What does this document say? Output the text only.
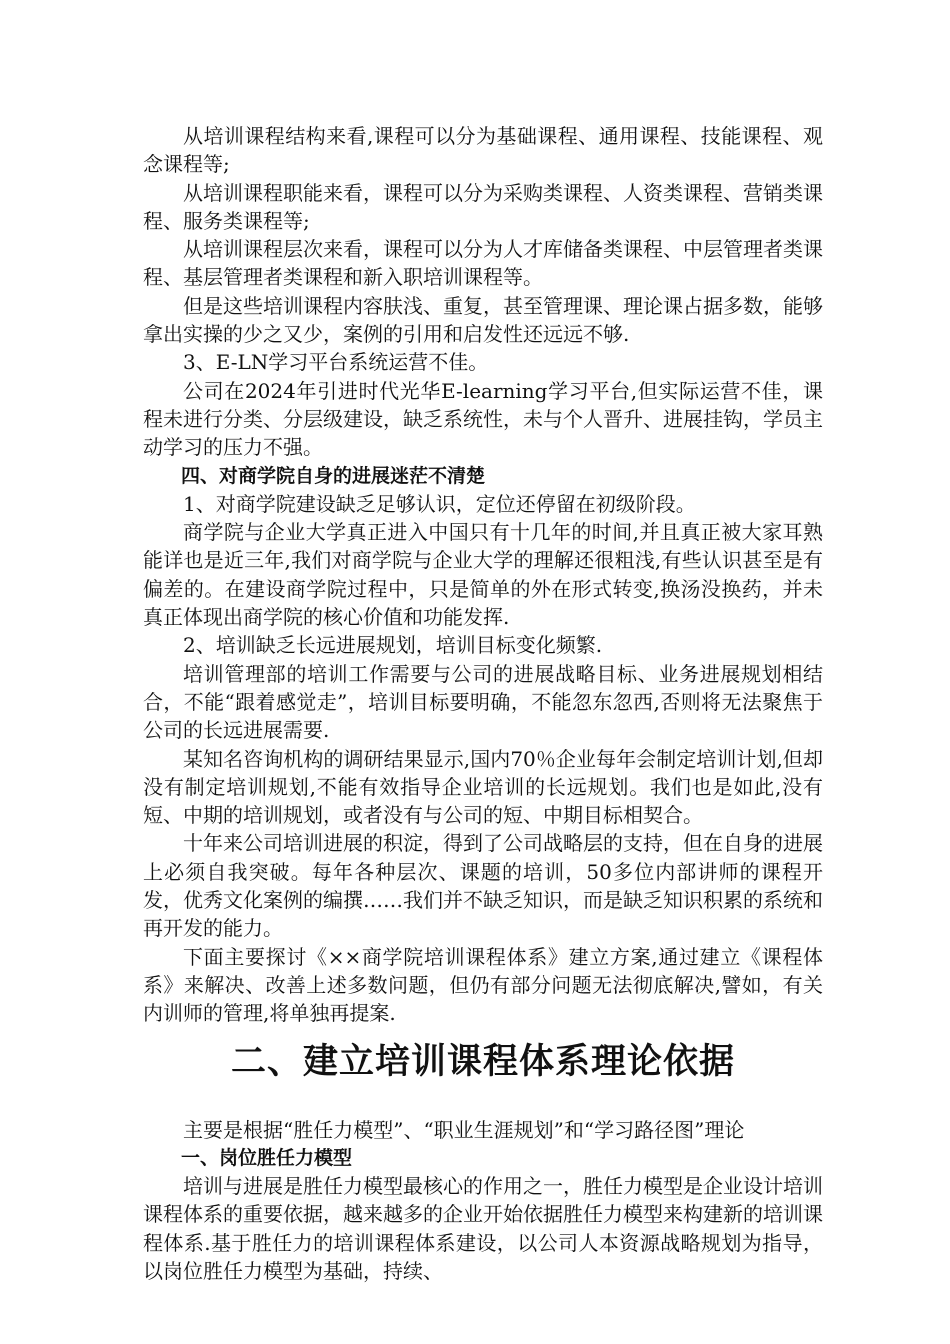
从培训课程结构来看,课程可以分为基础课程、通用课程、技能课程、观念课程等;

从培训课程职能来看，课程可以分为采购类课程、人资类课程、营销类课程、服务类课程等;

从培训课程层次来看，课程可以分为人才库储备类课程、中层管理者类课程、基层管理者类课程和新入职培训课程等。

但是这些培训课程内容肤浅、重复，甚至管理课、理论课占据多数，能够拿出实操的少之又少，案例的引用和启发性还远远不够.

3、E-LN学习平台系统运营不佳。

公司在2024年引进时代光华E-learning学习平台,但实际运营不佳，课程未进行分类、分层级建设，缺乏系统性，未与个人晋升、进展挂钩，学员主动学习的压力不强。

四、对商学院自身的进展迷茫不清楚

1、对商学院建设缺乏足够认识，定位还停留在初级阶段。

商学院与企业大学真正进入中国只有十几年的时间,并且真正被大家耳熟能详也是近三年,我们对商学院与企业大学的理解还很粗浅,有些认识甚至是有偏差的。在建设商学院过程中，只是简单的外在形式转变,换汤没换药，并未真正体现出商学院的核心价值和功能发挥.

2、培训缺乏长远进展规划，培训目标变化频繁.

培训管理部的培训工作需要与公司的进展战略目标、业务进展规划相结合，不能“跟着感觉走”，培训目标要明确，不能忽东忽西,否则将无法聚焦于公司的长远进展需要.

某知名咨询机构的调研结果显示,国内70％企业每年会制定培训计划,但却没有制定培训规划,不能有效指导企业培训的长远规划。我们也是如此,没有短、中期的培训规划，或者没有与公司的短、中期目标相契合。

十年来公司培训进展的积淀，得到了公司战略层的支持，但在自身的进展上必须自我突破。每年各种层次、课题的培训，50多位内部讲师的课程开发，优秀文化案例的编撰……我们并不缺乏知识，而是缺乏知识积累的系统和再开发的能力。

下面主要探讨《××商学院培训课程体系》建立方案,通过建立《课程体系》来解决、改善上述多数问题，但仍有部分问题无法彻底解决,譬如，有关内训师的管理,将单独再提案.

二、建立培训课程体系理论依据

主要是根据“胜任力模型”、“职业生涯规划”和“学习路径图”理论

一、岗位胜任力模型

培训与进展是胜任力模型最核心的作用之一，胜任力模型是企业设计培训课程体系的重要依据，越来越多的企业开始依据胜任力模型来构建新的培训课程体系.基于胜任力的培训课程体系建设，以公司人本资源战略规划为指导，以岗位胜任力模型为基础，持续、
